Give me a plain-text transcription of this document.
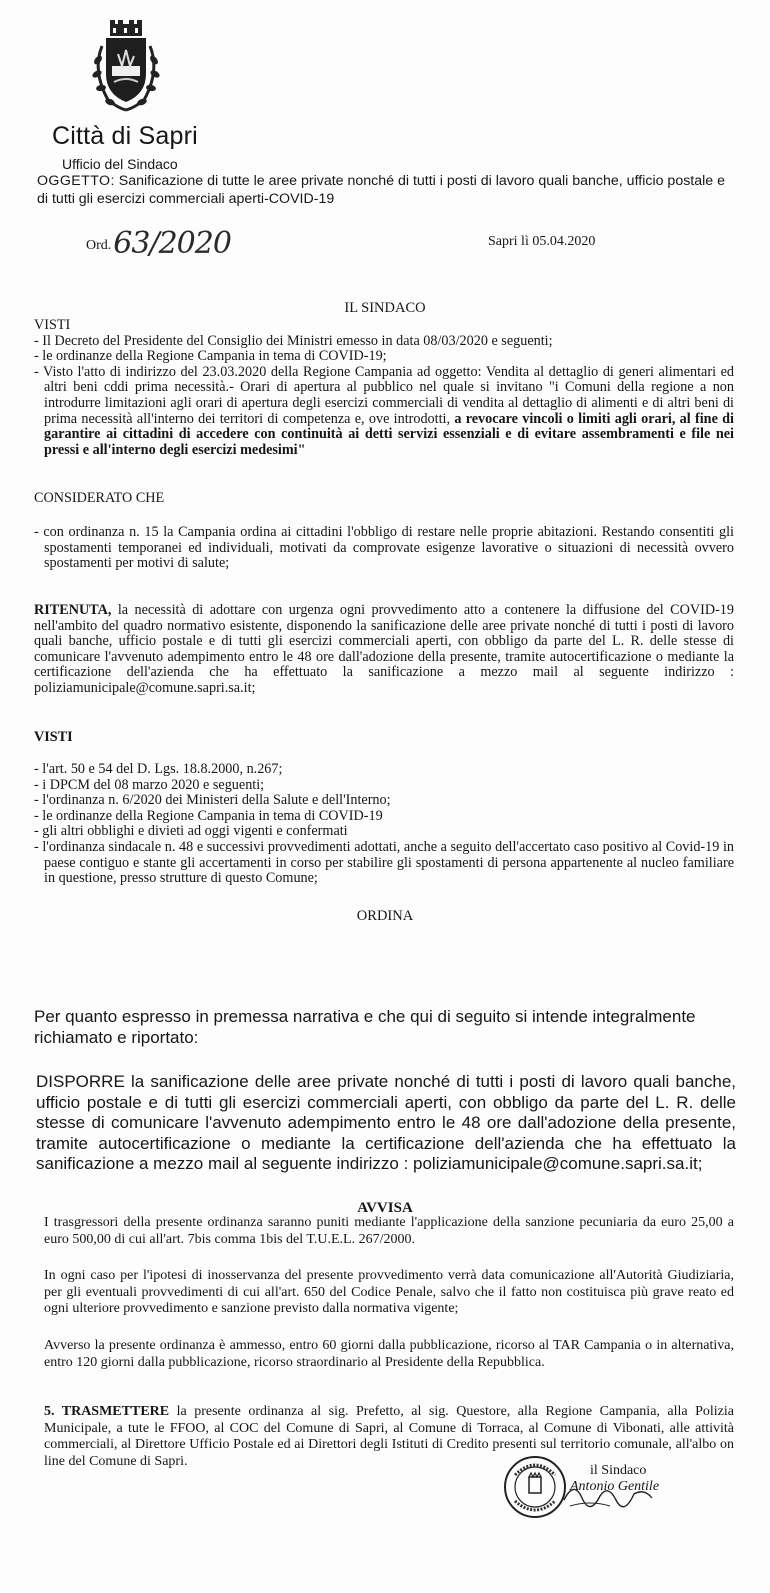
Città di Sapri
Ufficio del Sindaco
OGGETTO: Sanificazione di tutte le aree private nonché di tutti i posti di lavoro quali banche, ufficio postale e di tutti gli esercizi commerciali aperti-COVID-19
Ord.63/2020	Sapri lì 05.04.2020
IL SINDACO

VISTI

- Il Decreto del Presidente del Consiglio dei Ministri emesso in data 08/03/2020 e seguenti;

- le ordinanze della Regione Campania in tema di COVID-19;

- Visto l'atto di indirizzo del 23.03.2020 della Regione Campania ad oggetto: Vendita al dettaglio di generi alimentari ed altri beni cddi prima necessità.- Orari di apertura al pubblico nel quale si invitano "i Comuni della regione a non introdurre limitazioni agli orari di apertura degli esercizi commerciali di vendita al dettaglio di alimenti e di altri beni di prima necessità all'interno dei territori di competenza e, ove introdotti, a revocare vincoli o limiti agli orari, al fine di garantire ai cittadini di accedere con continuità ai detti servizi essenziali e di evitare assembramenti e file nei pressi e all'interno degli esercizi medesimi"

CONSIDERATO CHE

- con ordinanza n. 15 la Campania ordina ai cittadini l'obbligo di restare nelle proprie abitazioni. Restando consentiti gli spostamenti temporanei ed individuali, motivati da comprovate esigenze lavorative o situazioni di necessità ovvero spostamenti per motivi di salute;

RITENUTA, la necessità di adottare con urgenza ogni provvedimento atto a contenere la diffusione del COVID-19 nell'ambito del quadro normativo esistente, disponendo la sanificazione delle aree private nonché di tutti i posti di lavoro quali banche, ufficio postale e di tutti gli esercizi commerciali aperti, con obbligo da parte del L. R. delle stesse di comunicare l'avvenuto adempimento entro le 48 ore dall'adozione della presente, tramite autocertificazione o mediante la certificazione dell'azienda che ha effettuato la sanificazione a mezzo mail al seguente indirizzo : poliziamunicipale@comune.sapri.sa.it;

VISTI

- l'art. 50 e 54 del D. Lgs. 18.8.2000, n.267;

- i DPCM del 08 marzo 2020 e seguenti;

- l'ordinanza n. 6/2020 dei Ministeri della Salute e dell'Interno;

- le ordinanze della Regione Campania in tema di COVID-19

- gli altri obblighi e divieti ad oggi vigenti e confermati

- l'ordinanza sindacale n. 48 e successivi provvedimenti adottati, anche a seguito dell'accertato caso positivo al Covid-19 in paese contiguo e stante gli accertamenti in corso per stabilire gli spostamenti di persona appartenente al nucleo familiare in questione, presso strutture di questo Comune;

ORDINA
Per quanto espresso in premessa narrativa e che qui di seguito si intende integralmente richiamato e riportato:
DISPORRE la sanificazione delle aree private nonché di tutti i posti di lavoro quali banche, ufficio postale e di tutti gli esercizi commerciali aperti, con obbligo da parte del L. R. delle stesse di comunicare l'avvenuto adempimento entro le 48 ore dall'adozione della presente, tramite autocertificazione o mediante la certificazione dell'azienda che ha effettuato la sanificazione a mezzo mail al seguente indirizzo : poliziamunicipale@comune.sapri.sa.it;
AVVISA
I trasgressori della presente ordinanza saranno puniti mediante l'applicazione della sanzione pecuniaria da euro 25,00 a euro 500,00 di cui all'art. 7bis comma 1bis del T.U.E.L. 267/2000.
In ogni caso per l'ipotesi di inosservanza del presente provvedimento verrà data comunicazione all'Autorità Giudiziaria, per gli eventuali provvedimenti di cui all'art. 650 del Codice Penale, salvo che il fatto non costituisca più grave reato ed ogni ulteriore provvedimento e sanzione previsto dalla normativa vigente;
Avverso la presente ordinanza è ammesso, entro 60 giorni dalla pubblicazione, ricorso al TAR Campania o in alternativa, entro 120 giorni dalla pubblicazione, ricorso straordinario al Presidente della Repubblica.
5. TRASMETTERE la presente ordinanza al sig. Prefetto, al sig. Questore, alla Regione Campania, alla Polizia Municipale, a tute le FFOO, al COC del Comune di Sapri, al Comune di Torraca, al Comune di Vibonati, alle attività commerciali, al Direttore Ufficio Postale ed ai Direttori degli Istituti di Credito presenti sul territorio comunale, all'albo on line del Comune di Sapri.
il Sindaco
Antonio Gentile
